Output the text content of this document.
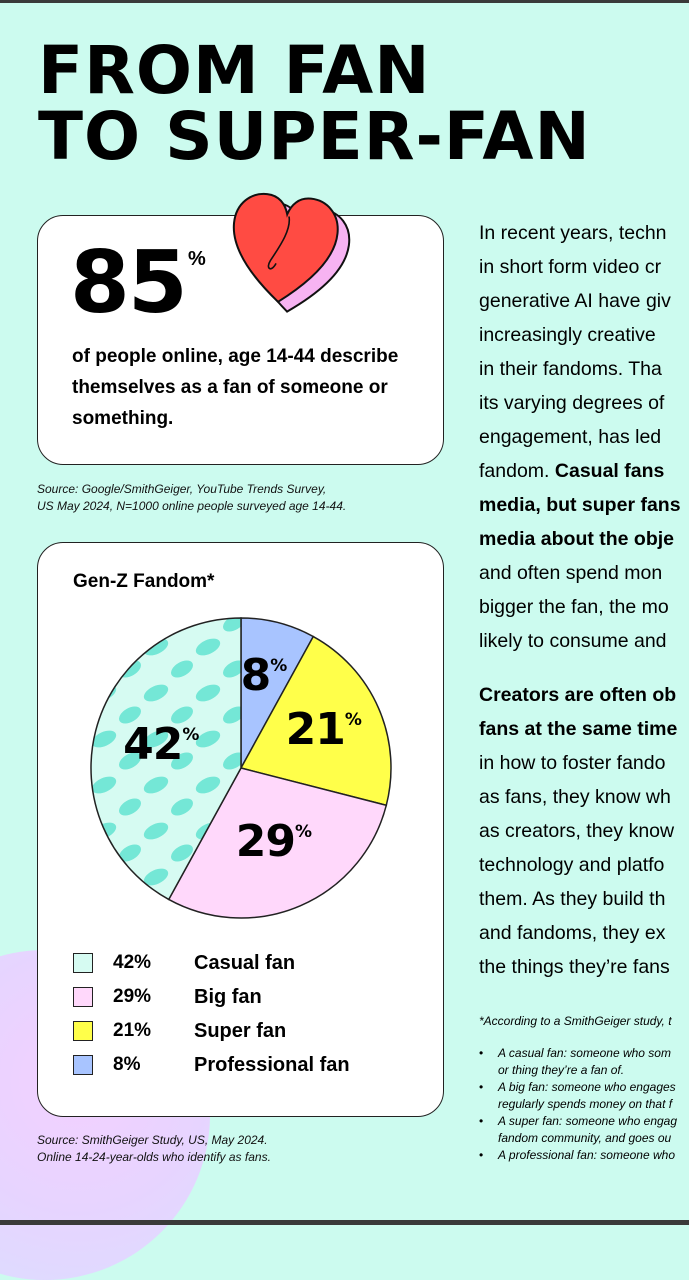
FROM FAN
TO SUPER-FAN
85 %
of people online, age 14-44 describe themselves as a fan of someone or something.
Source: Google/SmithGeiger, YouTube Trends Survey,
US May 2024, N=1000 online people surveyed age 14-44.
Gen-Z Fandom*
8%
21%
29%
42%
42% Casual fan
29% Big fan
21% Super fan
8%	Professional fan
Source: SmithGeiger Study, US, May 2024.
Online 14-24-year-olds who identify as fans.

In recent years, techn
in short form video cr
generative AI have giv
increasingly creative
in their fandoms. Tha
its varying degrees of
engagement, has led
fandom. Casual fans
media, but super fans
media about the obje
and often spend mon
bigger the fan, the mo
likely to consume and

Creators are often ob
fans at the same time
in how to foster fando
as fans, they know wh
as creators, they know
technology and platfo
them. As they build th
and fandoms, they ex
the things they’re fans

*According to a SmithGeiger study, t
• A casual fan: someone who som
or thing they’re a fan of.
• A big fan: someone who engages
regularly spends money on that f
• A super fan: someone who engag
fandom community, and goes ou
• A professional fan: someone who
